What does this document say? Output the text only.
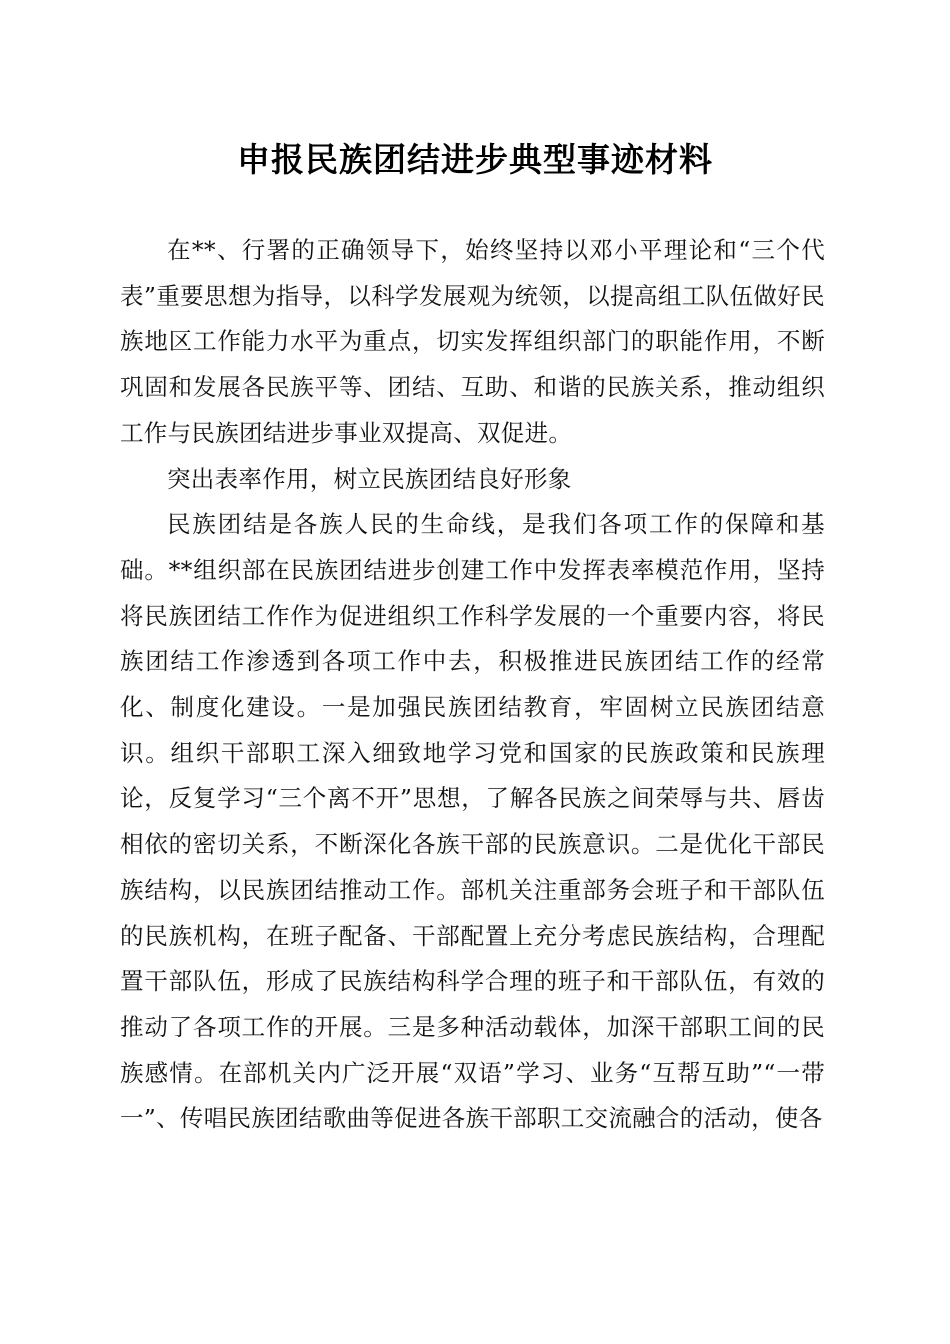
申报民族团结进步典型事迹材料

在**、行署的正确领导下，始终坚持以邓小平理论和“三个代表”重要思想为指导，以科学发展观为统领，以提高组工队伍做好民族地区工作能力水平为重点，切实发挥组织部门的职能作用，不断巩固和发展各民族平等、团结、互助、和谐的民族关系，推动组织工作与民族团结进步事业双提高、双促进。

突出表率作用，树立民族团结良好形象

民族团结是各族人民的生命线，是我们各项工作的保障和基础。**组织部在民族团结进步创建工作中发挥表率模范作用，坚持将民族团结工作作为促进组织工作科学发展的一个重要内容，将民族团结工作渗透到各项工作中去，积极推进民族团结工作的经常化、制度化建设。一是加强民族团结教育，牢固树立民族团结意识。组织干部职工深入细致地学习党和国家的民族政策和民族理论，反复学习“三个离不开”思想，了解各民族之间荣辱与共、唇齿相依的密切关系，不断深化各族干部的民族意识。二是优化干部民族结构，以民族团结推动工作。部机关注重部务会班子和干部队伍的民族机构，在班子配备、干部配置上充分考虑民族结构，合理配置干部队伍，形成了民族结构科学合理的班子和干部队伍，有效的推动了各项工作的开展。三是多种活动载体，加深干部职工间的民族感情。在部机关内广泛开展“双语”学习、业务“互帮互助”“一带一”、传唱民族团结歌曲等促进各族干部职工交流融合的活动，使各
